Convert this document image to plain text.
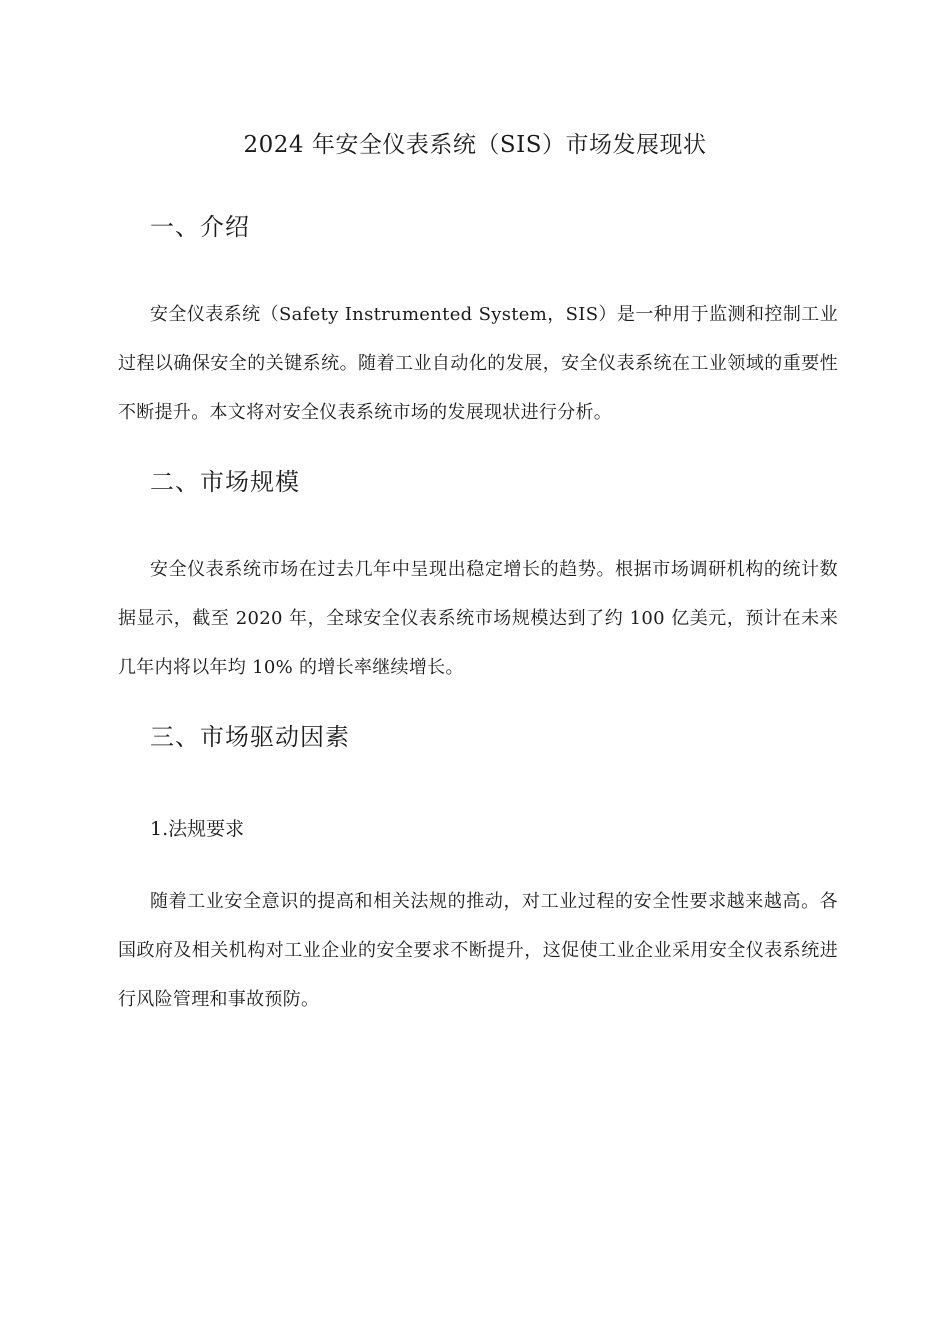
2024 年安全仪表系统（SIS）市场发展现状
一、介绍
安全仪表系统（Safety Instrumented System，SIS）是一种用于监测和控制工业过程以确保安全的关键系统。随着工业自动化的发展，安全仪表系统在工业领域的重要性不断提升。本文将对安全仪表系统市场的发展现状进行分析。
二、市场规模
安全仪表系统市场在过去几年中呈现出稳定增长的趋势。根据市场调研机构的统计数据显示，截至 2020 年，全球安全仪表系统市场规模达到了约 100 亿美元，预计在未来几年内将以年均 10% 的增长率继续增长。
三、市场驱动因素
1.法规要求
随着工业安全意识的提高和相关法规的推动，对工业过程的安全性要求越来越高。各国政府及相关机构对工业企业的安全要求不断提升，这促使工业企业采用安全仪表系统进行风险管理和事故预防。
